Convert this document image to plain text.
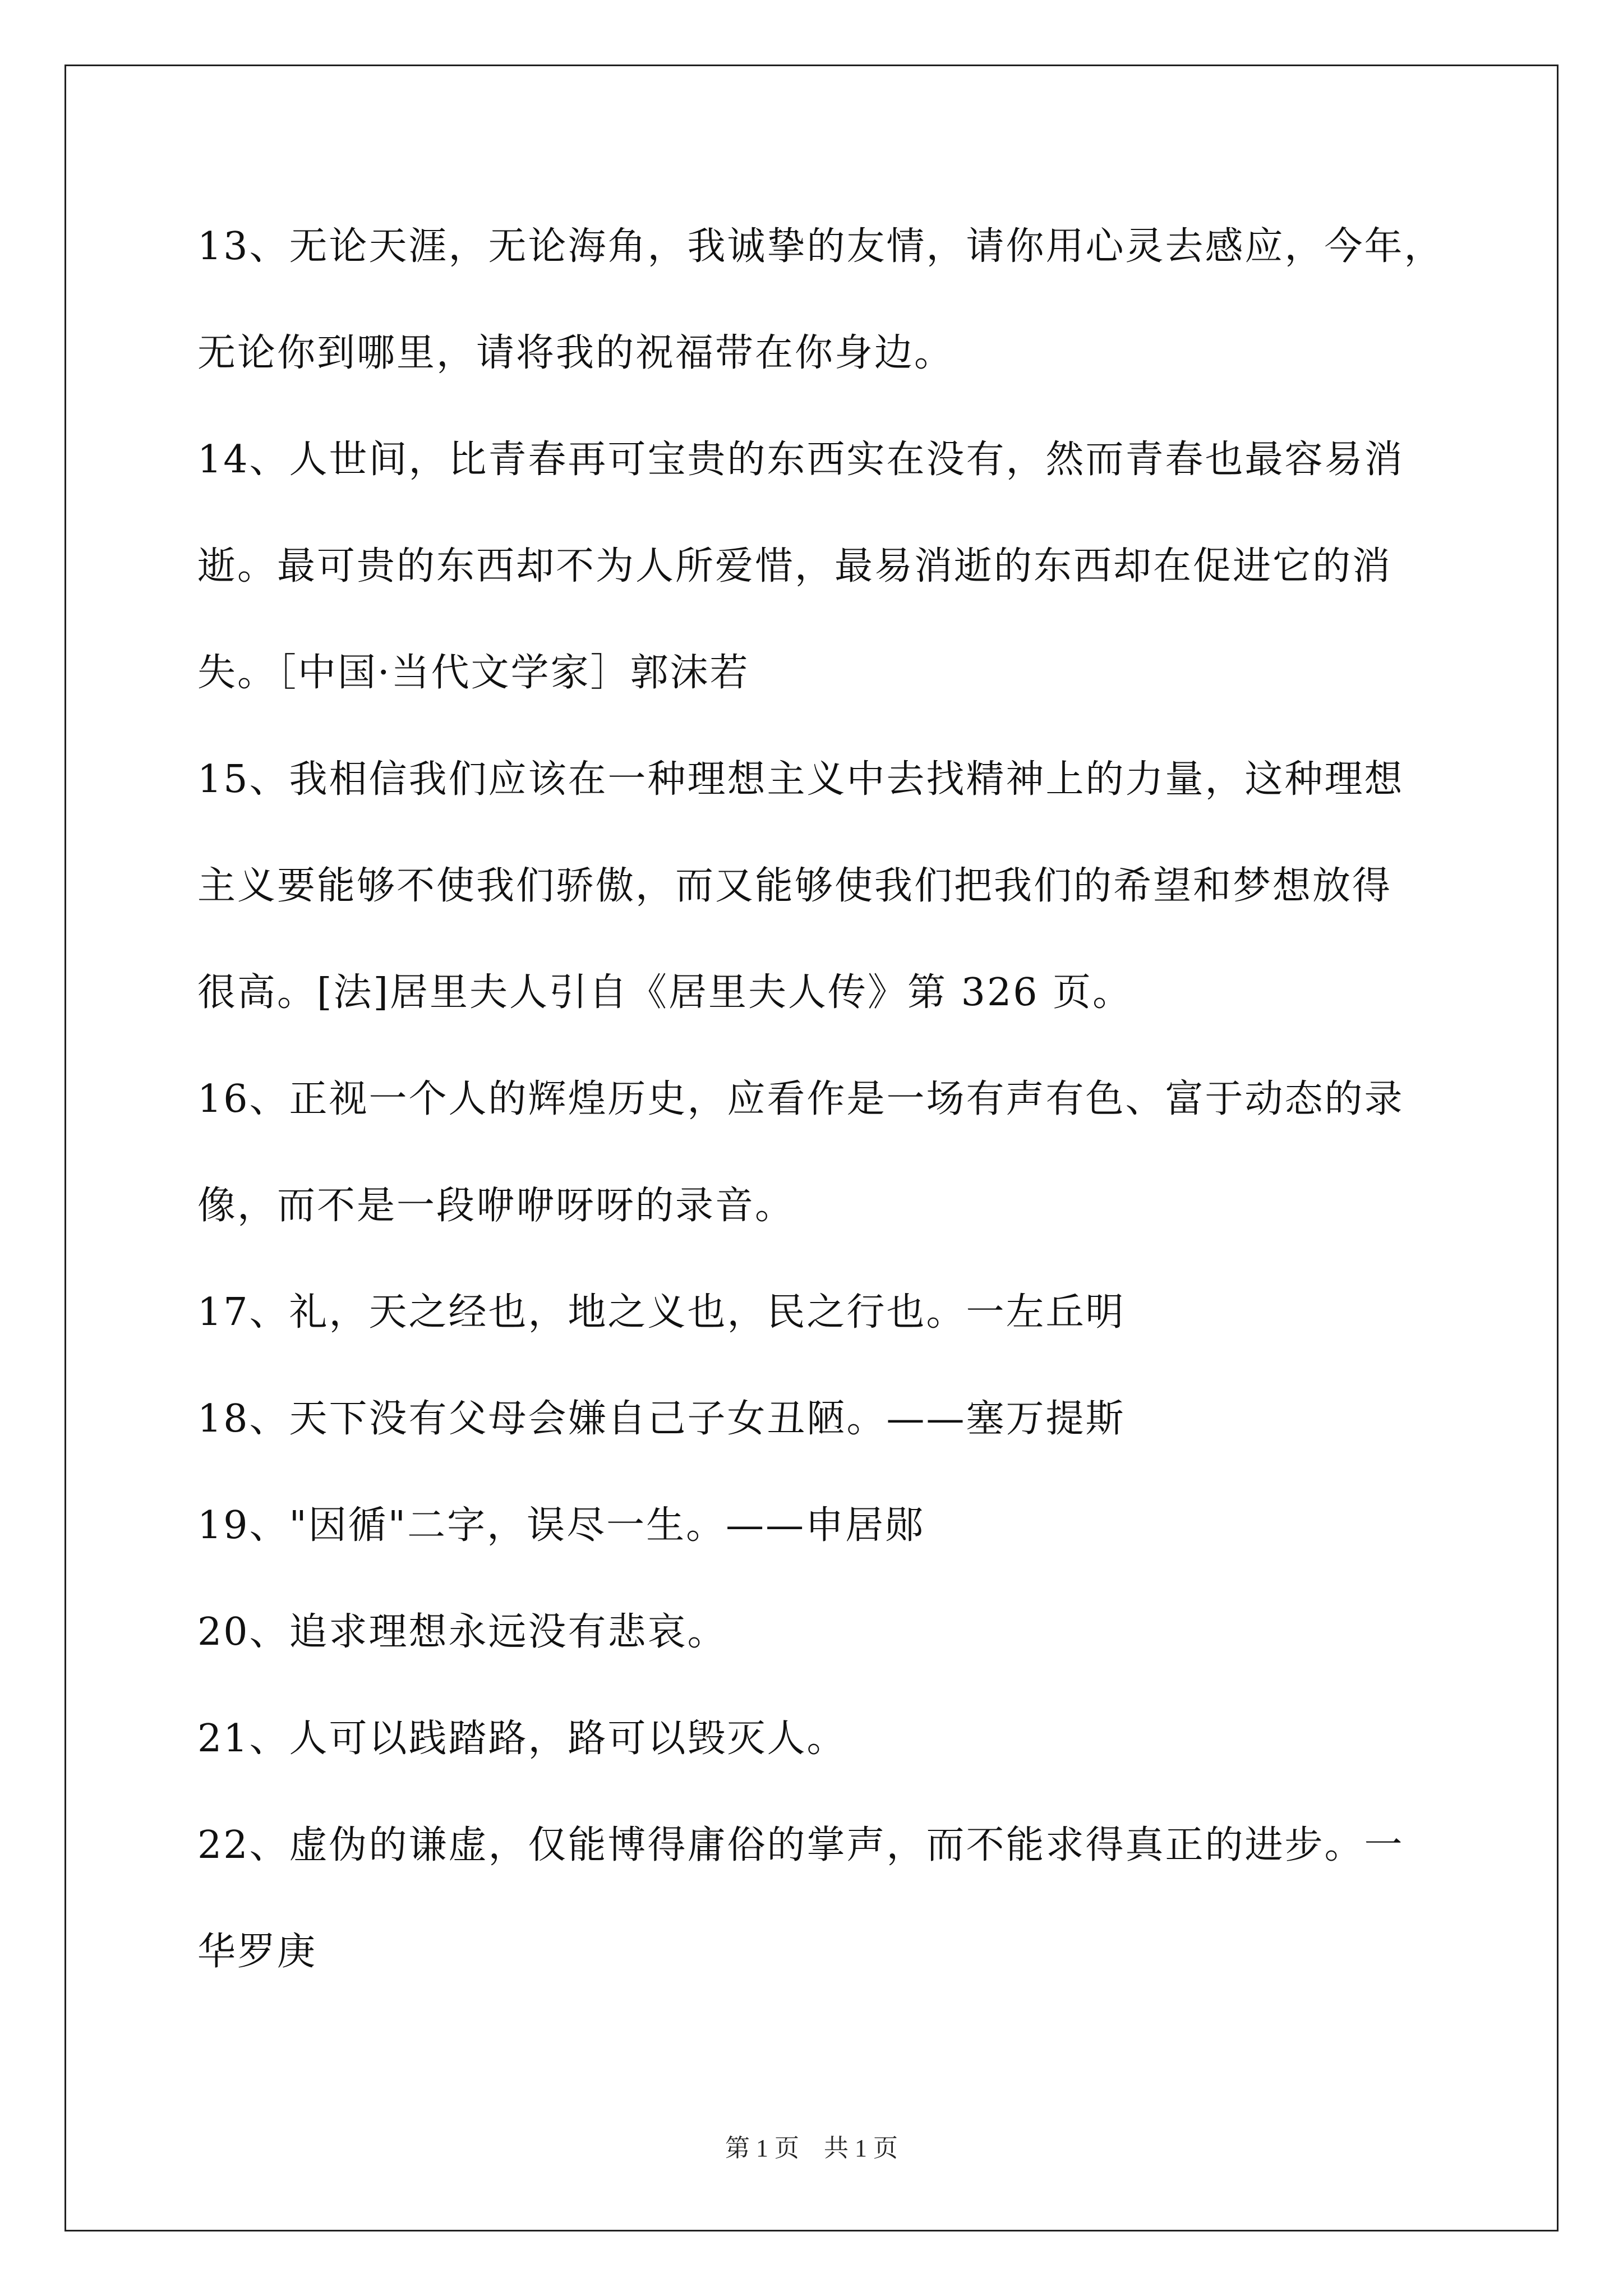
13、无论天涯，无论海角，我诚挚的友情，请你用心灵去感应，今年，
无论你到哪里，请将我的祝福带在你身边。
14、人世间，比青春再可宝贵的东西实在没有，然而青春也最容易消
逝。最可贵的东西却不为人所爱惜，最易消逝的东西却在促进它的消
失。［中国·当代文学家］郭沫若
15、我相信我们应该在一种理想主义中去找精神上的力量，这种理想
主义要能够不使我们骄傲，而又能够使我们把我们的希望和梦想放得
很高。[法]居里夫人引自《居里夫人传》第 326 页。
16、正视一个人的辉煌历史，应看作是一场有声有色、富于动态的录
像，而不是一段咿咿呀呀的录音。
17、礼，天之经也，地之义也，民之行也。一左丘明
18、天下没有父母会嫌自己子女丑陋。——塞万提斯
19、"因循"二字，误尽一生。——申居郧
20、追求理想永远没有悲哀。
21、人可以践踏路，路可以毁灭人。
22、虚伪的谦虚，仅能博得庸俗的掌声，而不能求得真正的进步。一
华罗庚
第 1 页　共 1 页
